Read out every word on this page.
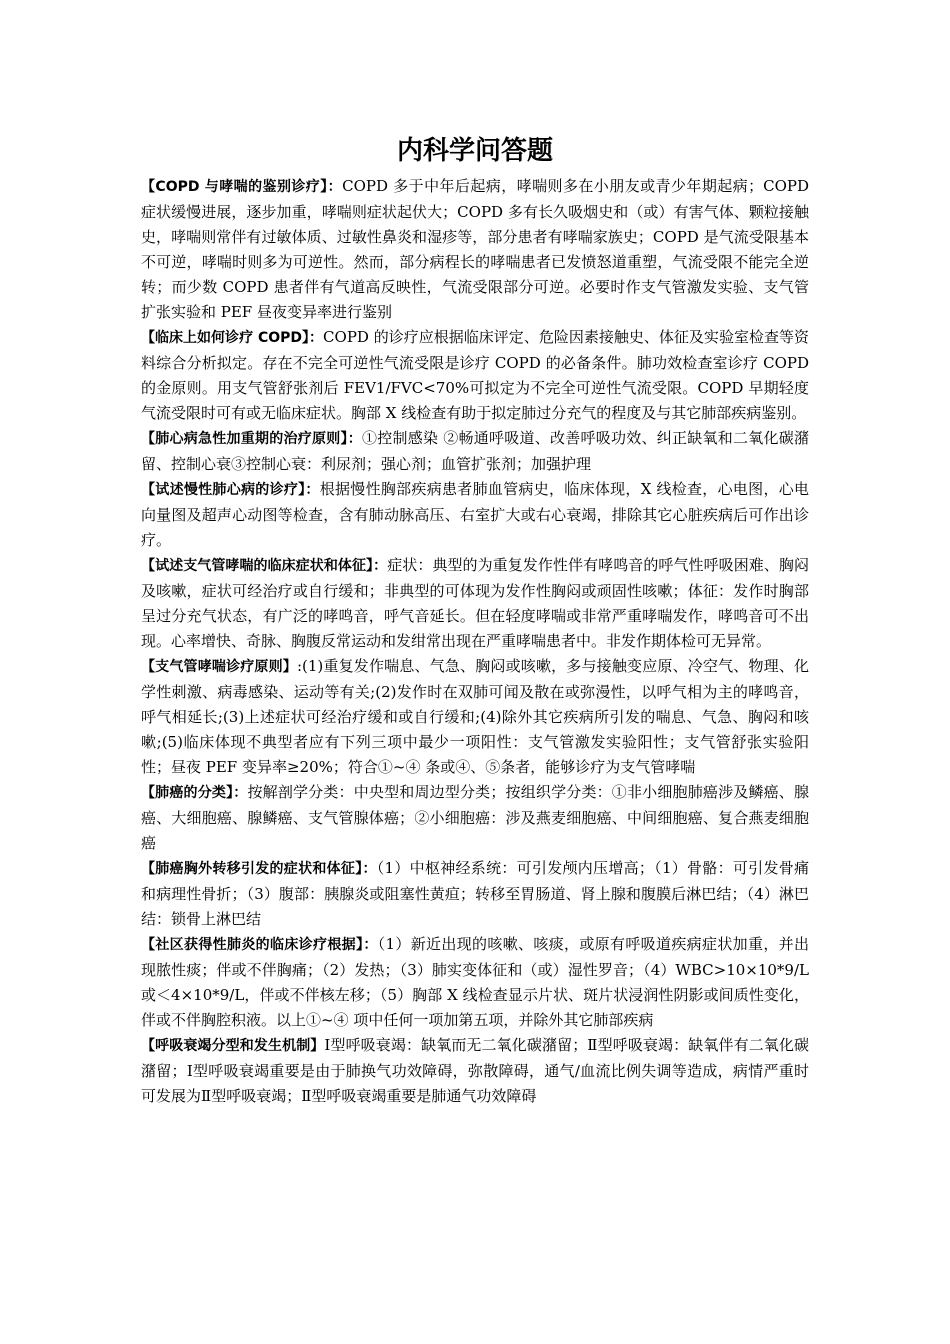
内科学问答题

【COPD 与哮喘的鉴别诊疗】：COPD 多于中年后起病，哮喘则多在小朋友或青少年期起病；COPD 症状缓慢进展，逐步加重，哮喘则症状起伏大；COPD 多有长久吸烟史和（或）有害气体、颗粒接触史，哮喘则常伴有过敏体质、过敏性鼻炎和湿疹等，部分患者有哮喘家族史；COPD 是气流受限基本不可逆，哮喘时则多为可逆性。然而，部分病程长的哮喘患者已发愤怒道重塑，气流受限不能完全逆转；而少数 COPD 患者伴有气道高反映性，气流受限部分可逆。必要时作支气管激发实验、支气管扩张实验和 PEF 昼夜变异率进行鉴别

【临床上如何诊疗 COPD】：COPD 的诊疗应根据临床评定、危险因素接触史、体征及实验室检查等资料综合分析拟定。存在不完全可逆性气流受限是诊疗 COPD 的必备条件。肺功效检查室诊疗 COPD 的金原则。用支气管舒张剂后 FEV1/FVC<70%可拟定为不完全可逆性气流受限。COPD 早期轻度气流受限时可有或无临床症状。胸部 X 线检查有助于拟定肺过分充气的程度及与其它肺部疾病鉴别。

【肺心病急性加重期的治疗原则】：①控制感染 ②畅通呼吸道、改善呼吸功效、纠正缺氧和二氧化碳潴留、控制心衰③控制心衰：利尿剂；强心剂；血管扩张剂；加强护理

【试述慢性肺心病的诊疗】：根据慢性胸部疾病患者肺血管病史，临床体现，X 线检查，心电图，心电向量图及超声心动图等检查，含有肺动脉高压、右室扩大或右心衰竭，排除其它心脏疾病后可作出诊疗。

【试述支气管哮喘的临床症状和体征】：症状：典型的为重复发作性伴有哮鸣音的呼气性呼吸困难、胸闷及咳嗽，症状可经治疗或自行缓和；非典型的可体现为发作性胸闷或顽固性咳嗽；体征：发作时胸部呈过分充气状态，有广泛的哮鸣音，呼气音延长。但在轻度哮喘或非常严重哮喘发作，哮鸣音可不出现。心率增快、奇脉、胸腹反常运动和发绀常出现在严重哮喘患者中。非发作期体检可无异常。

【支气管哮喘诊疗原则】:(1)重复发作喘息、气急、胸闷或咳嗽，多与接触变应原、冷空气、物理、化学性刺激、病毒感染、运动等有关;(2)发作时在双肺可闻及散在或弥漫性，以呼气相为主的哮鸣音，呼气相延长;(3)上述症状可经治疗缓和或自行缓和;(4)除外其它疾病所引发的喘息、气急、胸闷和咳嗽;(5)临床体现不典型者应有下列三项中最少一项阳性：支气管激发实验阳性；支气管舒张实验阳性；昼夜 PEF 变异率≥20%；符合①~④ 条或④、⑤条者，能够诊疗为支气管哮喘

【肺癌的分类】：按解剖学分类：中央型和周边型分类；按组织学分类：①非小细胞肺癌涉及鳞癌、腺癌、大细胞癌、腺鳞癌、支气管腺体癌；②小细胞癌：涉及燕麦细胞癌、中间细胞癌、复合燕麦细胞癌

【肺癌胸外转移引发的症状和体征】：（1）中枢神经系统：可引发颅内压增高；（1）骨骼：可引发骨痛和病理性骨折；（3）腹部：胰腺炎或阻塞性黄疸；转移至胃肠道、肾上腺和腹膜后淋巴结；（4）淋巴结：锁骨上淋巴结

【社区获得性肺炎的临床诊疗根据】：（1）新近出现的咳嗽、咳痰，或原有呼吸道疾病症状加重，并出现脓性痰；伴或不伴胸痛；（2）发热；（3）肺实变体征和（或）湿性罗音；（4）WBC>10×10*9/L 或＜4×10*9/L，伴或不伴核左移；（5）胸部 X 线检查显示片状、斑片状浸润性阴影或间质性变化，伴或不伴胸腔积液。以上①~④ 项中任何一项加第五项，并除外其它肺部疾病

【呼吸衰竭分型和发生机制】Ⅰ型呼吸衰竭：缺氧而无二氧化碳潴留；Ⅱ型呼吸衰竭：缺氧伴有二氧化碳潴留；Ⅰ型呼吸衰竭重要是由于肺换气功效障碍，弥散障碍，通气/血流比例失调等造成，病情严重时可发展为Ⅱ型呼吸衰竭；Ⅱ型呼吸衰竭重要是肺通气功效障碍
